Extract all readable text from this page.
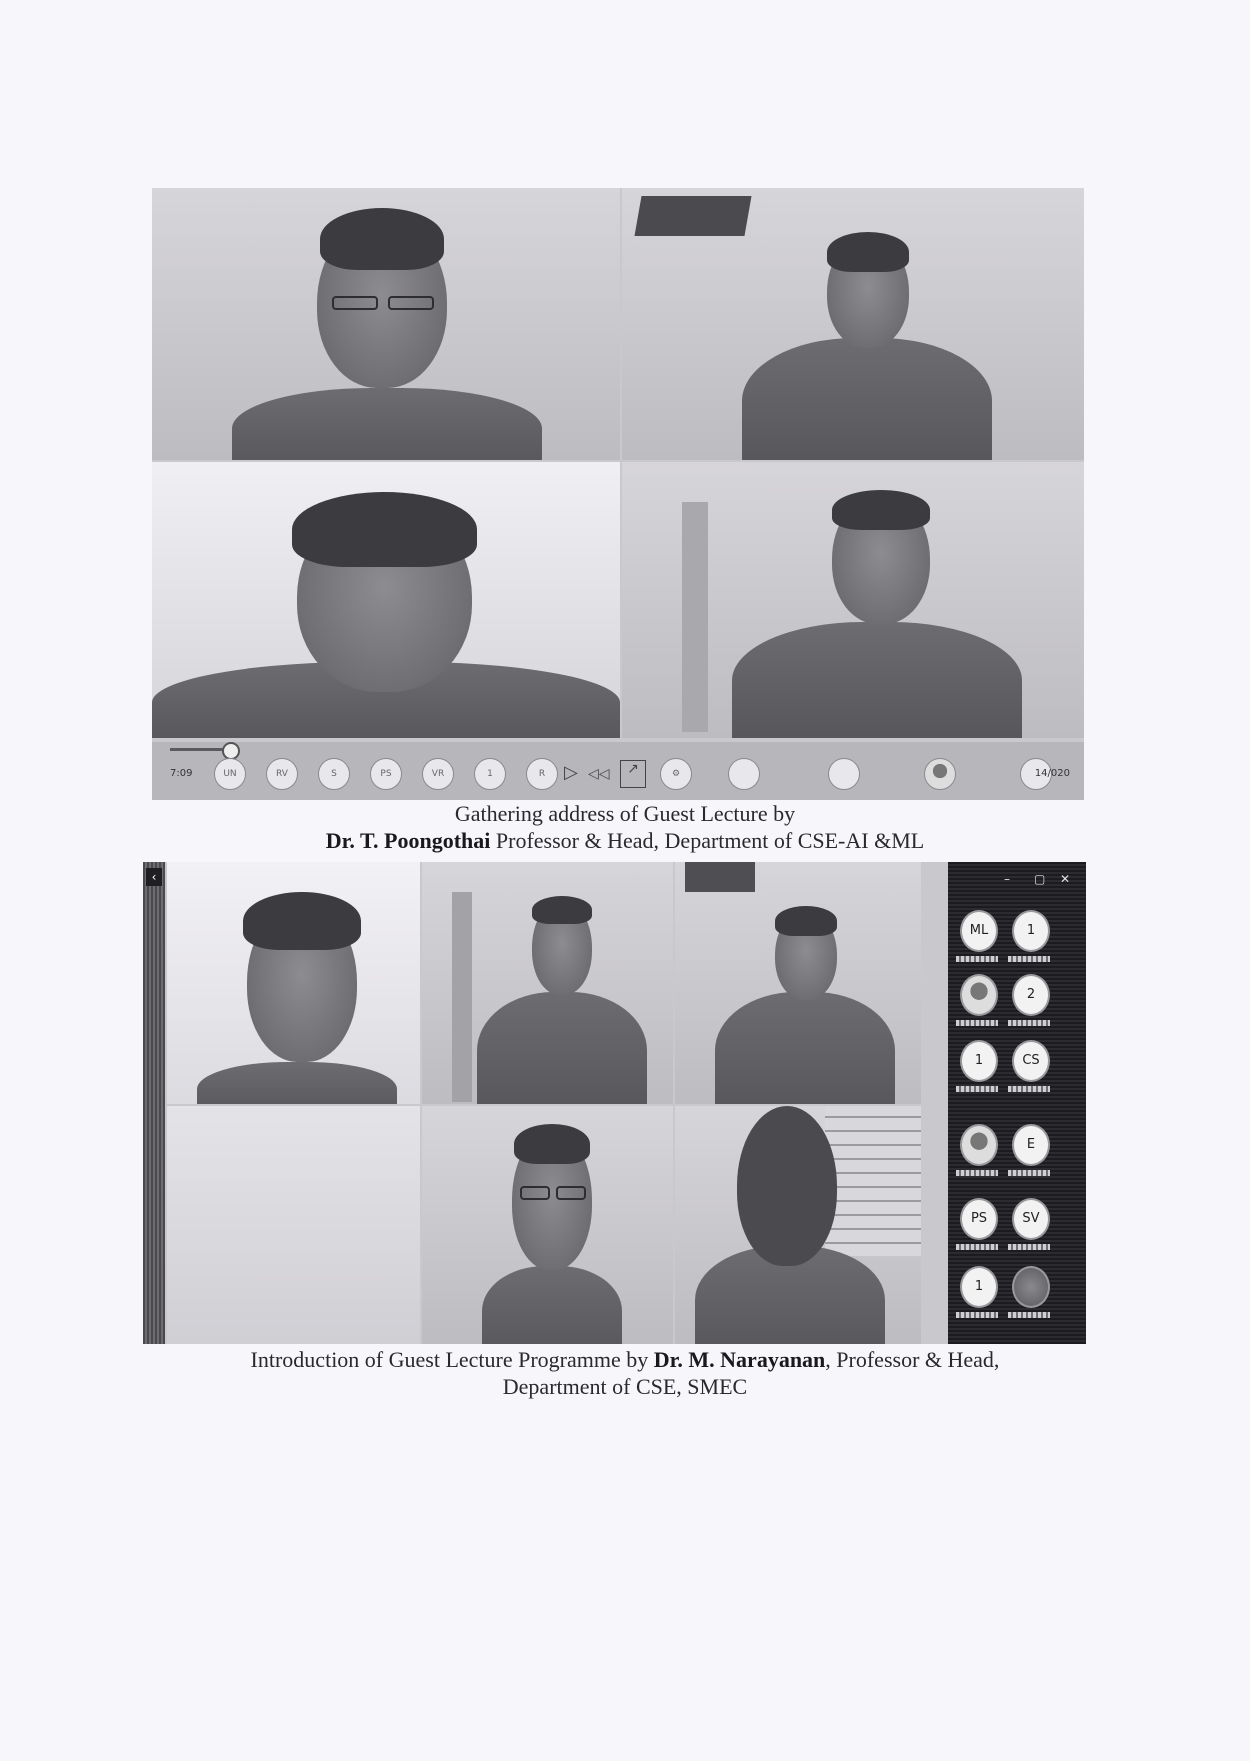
7:09	UN	RV	S	PS	VR	1	R	▷ ◁◁	↗	⚙	14/020
Gathering address of Guest Lecture by
Dr. T. Poongothai Professor & Head, Department of CSE-AI &ML
‹	– ▢ ✕
ML	1
2
1	CS
E
PS	SV
1
Introduction of Guest Lecture Programme by Dr. M. Narayanan, Professor & Head,
Department of CSE, SMEC
